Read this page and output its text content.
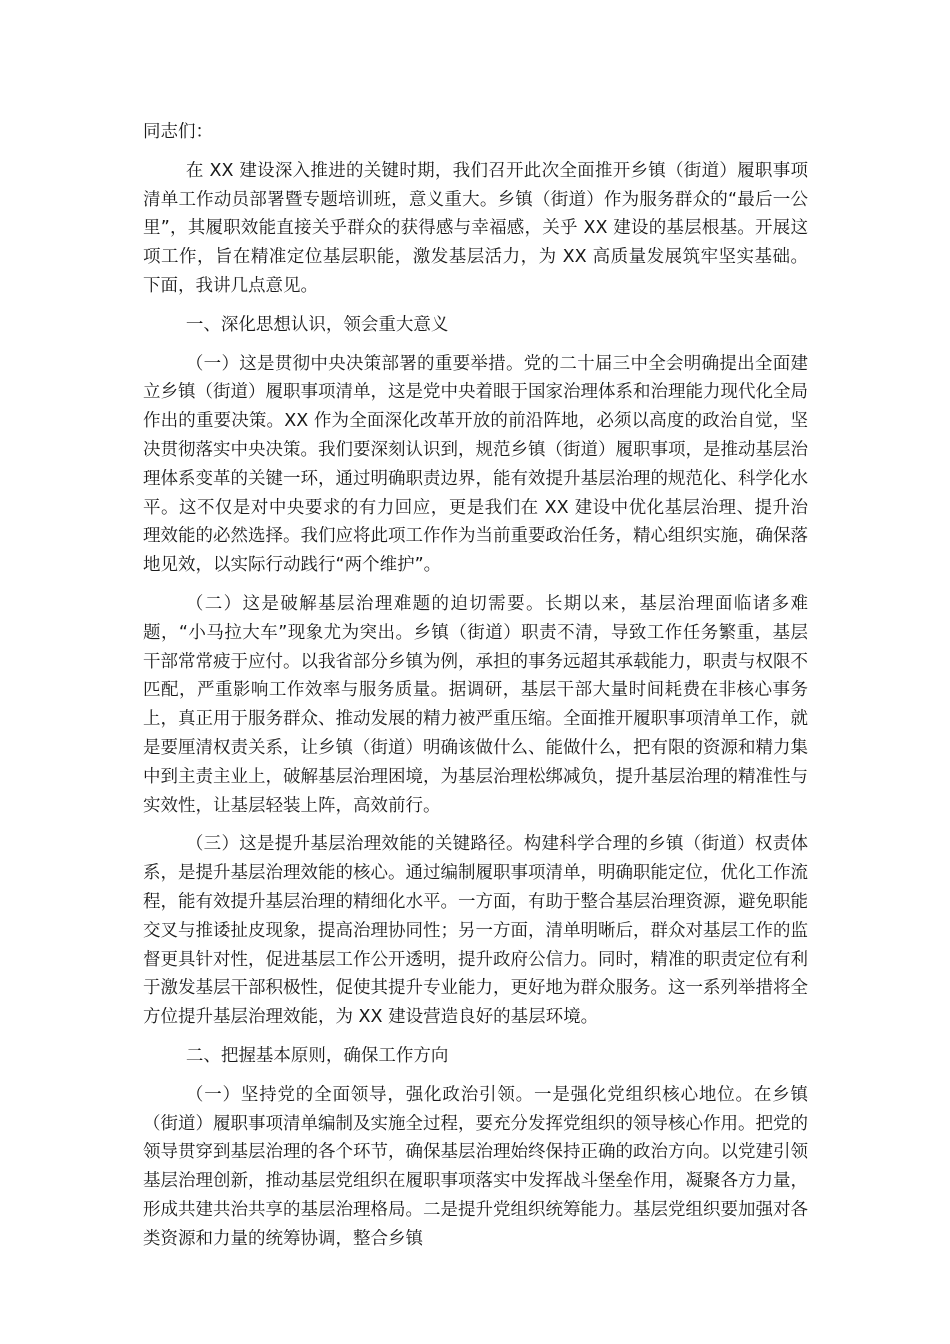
同志们：

在 XX 建设深入推进的关键时期，我们召开此次全面推开乡镇（街道）履职事项清单工作动员部署暨专题培训班，意义重大。乡镇（街道）作为服务群众的“最后一公里”，其履职效能直接关乎群众的获得感与幸福感，关乎 XX 建设的基层根基。开展这项工作，旨在精准定位基层职能，激发基层活力，为 XX 高质量发展筑牢坚实基础。下面，我讲几点意见。

一、深化思想认识，领会重大意义

（一）这是贯彻中央决策部署的重要举措。党的二十届三中全会明确提出全面建立乡镇（街道）履职事项清单，这是党中央着眼于国家治理体系和治理能力现代化全局作出的重要决策。XX 作为全面深化改革开放的前沿阵地，必须以高度的政治自觉，坚决贯彻落实中央决策。我们要深刻认识到，规范乡镇（街道）履职事项，是推动基层治理体系变革的关键一环，通过明确职责边界，能有效提升基层治理的规范化、科学化水平。这不仅是对中央要求的有力回应，更是我们在 XX 建设中优化基层治理、提升治理效能的必然选择。我们应将此项工作作为当前重要政治任务，精心组织实施，确保落地见效，以实际行动践行“两个维护”。

（二）这是破解基层治理难题的迫切需要。长期以来，基层治理面临诸多难题，“小马拉大车”现象尤为突出。乡镇（街道）职责不清，导致工作任务繁重，基层干部常常疲于应付。以我省部分乡镇为例，承担的事务远超其承载能力，职责与权限不匹配，严重影响工作效率与服务质量。据调研，基层干部大量时间耗费在非核心事务上，真正用于服务群众、推动发展的精力被严重压缩。全面推开履职事项清单工作，就是要厘清权责关系，让乡镇（街道）明确该做什么、能做什么，把有限的资源和精力集中到主责主业上，破解基层治理困境，为基层治理松绑减负，提升基层治理的精准性与实效性，让基层轻装上阵，高效前行。

（三）这是提升基层治理效能的关键路径。构建科学合理的乡镇（街道）权责体系，是提升基层治理效能的核心。通过编制履职事项清单，明确职能定位，优化工作流程，能有效提升基层治理的精细化水平。一方面，有助于整合基层治理资源，避免职能交叉与推诿扯皮现象，提高治理协同性；另一方面，清单明晰后，群众对基层工作的监督更具针对性，促进基层工作公开透明，提升政府公信力。同时，精准的职责定位有利于激发基层干部积极性，促使其提升专业能力，更好地为群众服务。这一系列举措将全方位提升基层治理效能，为 XX 建设营造良好的基层环境。

二、把握基本原则，确保工作方向

（一）坚持党的全面领导，强化政治引领。一是强化党组织核心地位。在乡镇（街道）履职事项清单编制及实施全过程，要充分发挥党组织的领导核心作用。把党的领导贯穿到基层治理的各个环节，确保基层治理始终保持正确的政治方向。以党建引领基层治理创新，推动基层党组织在履职事项落实中发挥战斗堡垒作用，凝聚各方力量，形成共建共治共享的基层治理格局。二是提升党组织统筹能力。基层党组织要加强对各类资源和力量的统筹协调，整合乡镇
